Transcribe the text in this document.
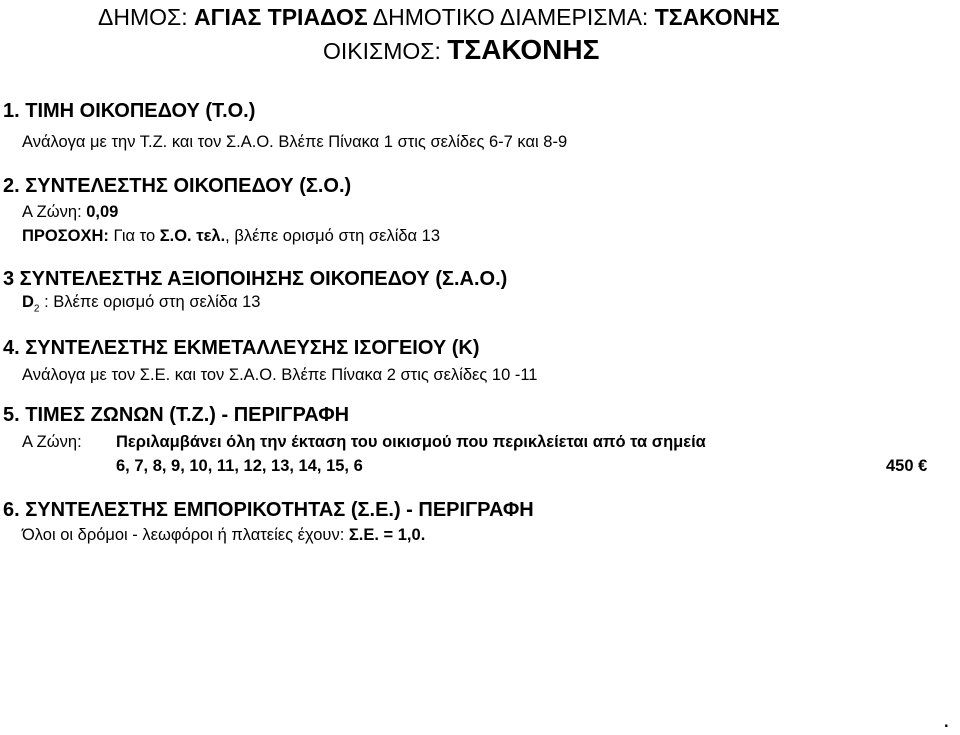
ΔΗΜΟΣ: ΑΓΙΑΣ ΤΡΙΑΔΟΣ ΔΗΜΟΤΙΚΟ ΔΙΑΜΕΡΙΣΜΑ: ΤΣΑΚΟΝΗΣ
ΟΙΚΙΣΜΟΣ: ΤΣΑΚΟΝΗΣ
1. ΤΙΜΗ ΟΙΚΟΠΕΔΟΥ (Τ.Ο.)
Ανάλογα με την Τ.Ζ. και τον Σ.Α.Ο. Βλέπε Πίνακα 1 στις σελίδες 6-7 και 8-9
2. ΣΥΝΤΕΛΕΣΤΗΣ ΟΙΚΟΠΕΔΟΥ (Σ.Ο.)
Α Ζώνη: 0,09
ΠΡΟΣΟΧΗ: Για το Σ.Ο. τελ., βλέπε ορισμό στη σελίδα 13
3 ΣΥΝΤΕΛΕΣΤΗΣ ΑΞΙΟΠΟΙΗΣΗΣ ΟΙΚΟΠΕΔΟΥ (Σ.Α.Ο.)
$D_2$ : Βλέπε ορισμό στη σελίδα 13
4. ΣΥΝΤΕΛΕΣΤΗΣ ΕΚΜΕΤΑΛΛΕΥΣΗΣ ΙΣΟΓΕΙΟΥ (Κ)
Ανάλογα με τον Σ.Ε. και τον Σ.Α.Ο. Βλέπε Πίνακα 2 στις σελίδες 10 -11
5. ΤΙΜΕΣ ΖΩΝΩΝ (Τ.Ζ.) - ΠΕΡΙΓΡΑΦΗ
Α Ζώνη: Περιλαμβάνει όλη την έκταση του οικισμού που περικλείεται από τα σημεία
6, 7, 8, 9, 10, 11, 12, 13, 14, 15, 6	450 €
6. ΣΥΝΤΕΛΕΣΤΗΣ ΕΜΠΟΡΙΚΟΤΗΤΑΣ (Σ.Ε.) - ΠΕΡΙΓΡΑΦΗ
Όλοι οι δρόμοι - λεωφόροι ή πλατείες έχουν: Σ.Ε. = 1,0.
.
